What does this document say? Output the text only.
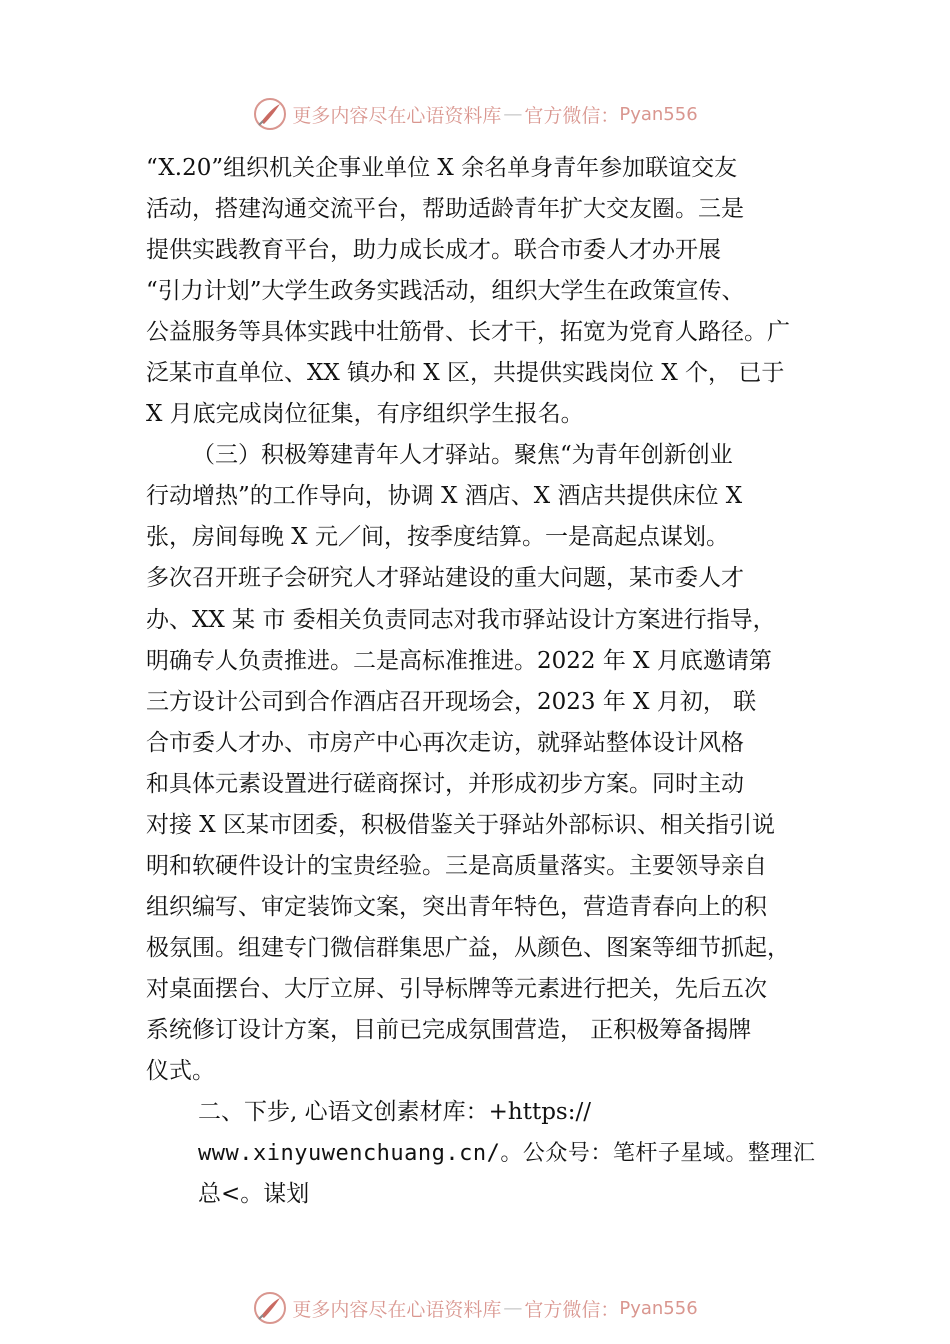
更多内容尽在心语资料库 — 官方微信： Pyan556
“X.20”组织机关企事业单位 X 余名单身青年参加联谊交友
活动，搭建沟通交流平台，帮助适龄青年扩大交友圈。三是
提供实践教育平台，助力成长成才。联合市委人才办开展
“引力计划”大学生政务实践活动，组织大学生在政策宣传、
公益服务等具体实践中壮筋骨、长才干，拓宽为党育人路径。广
泛某市直单位、XX 镇办和 X 区，共提供实践岗位 X 个， 已于
X 月底完成岗位征集，有序组织学生报名。
（三）积极筹建青年人才驿站。聚焦“为青年创新创业
行动增热”的工作导向，协调 X 酒店、X 酒店共提供床位 X
张，房间每晚 X 元／间，按季度结算。一是高起点谋划。
多次召开班子会研究人才驿站建设的重大问题，某市委人才
办、XX 某 市 委相关负责同志对我市驿站设计方案进行指导，
明确专人负责推进。二是高标准推进。2022 年 X 月底邀请第
三方设计公司到合作酒店召开现场会，2023 年 X 月初， 联
合市委人才办、市房产中心再次走访，就驿站整体设计风格
和具体元素设置进行磋商探讨，并形成初步方案。同时主动
对接 X 区某市团委，积极借鉴关于驿站外部标识、相关指引说
明和软硬件设计的宝贵经验。三是高质量落实。主要领导亲自
组织编写、审定装饰文案，突出青年特色，营造青春向上的积
极氛围。组建专门微信群集思广益，从颜色、图案等细节抓起，
对桌面摆台、大厅立屏、引导标牌等元素进行把关，先后五次
系统修订设计方案，目前已完成氛围营造， 正积极筹备揭牌
仪式。
二、下步, 心语文创素材库：+https://
www.xinyuwenchuang.cn/。公众号：笔杆子星域。整理汇
总<。谋划
更多内容尽在心语资料库 — 官方微信： Pyan556
